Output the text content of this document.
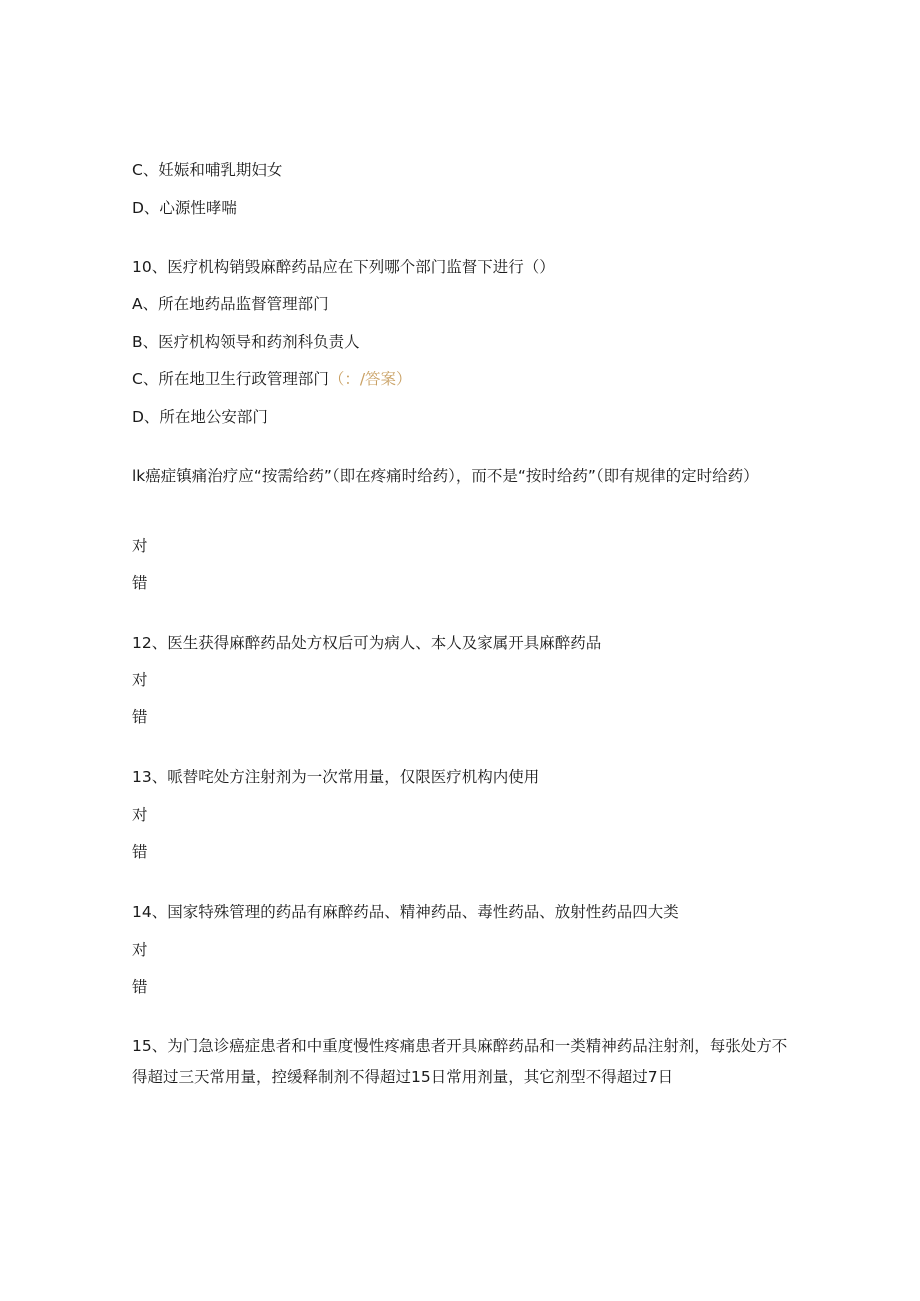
C、妊娠和哺乳期妇女
D、心源性哮喘
10、医疗机构销毁麻醉药品应在下列哪个部门监督下进行（）
A、所在地药品监督管理部门
B、医疗机构领导和药剂科负责人
C、所在地卫生行政管理部门（：/答案）
D、所在地公安部门
lk癌症镇痛治疗应“按需给药”（即在疼痛时给药），而不是“按时给药”（即有规律的定时给药）
对
错
12、医生获得麻醉药品处方权后可为病人、本人及家属开具麻醉药品
对
错
13、哌替咤处方注射剂为一次常用量，仅限医疗机构内使用
对
错
14、国家特殊管理的药品有麻醉药品、精神药品、毒性药品、放射性药品四大类
对
错
15、为门急诊癌症患者和中重度慢性疼痛患者开具麻醉药品和一类精神药品注射剂，每张处方不得超过三天常用量，控缓释制剂不得超过15日常用剂量，其它剂型不得超过7日
